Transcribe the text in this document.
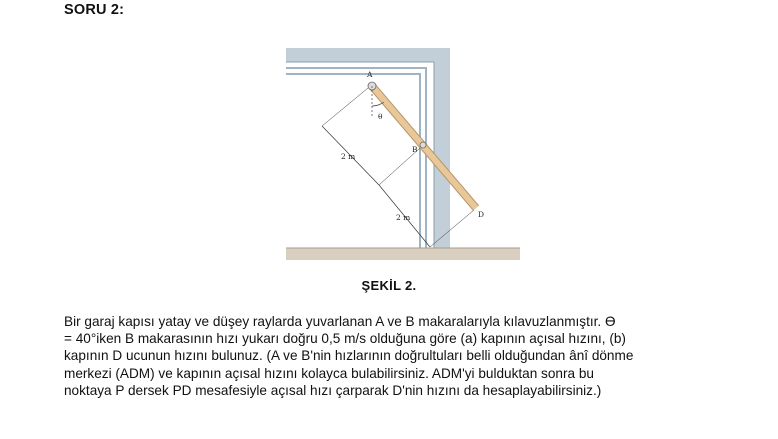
SORU 2:
A
θ
B
D
2 m
2 m
ŞEKİL 2.
Bir garaj kapısı yatay ve düşey raylarda yuvarlanan A ve B makaralarıyla kılavuzlanmıştır. Ɵ
= 40°iken B makarasının hızı yukarı doğru 0,5 m/s olduğuna göre (a) kapının açısal hızını, (b)
kapının D ucunun hızını bulunuz. (A ve B'nin hızlarının doğrultuları belli olduğundan ânî dönme
merkezi (ADM) ve kapının açısal hızını kolayca bulabilirsiniz. ADM'yi bulduktan sonra bu
noktaya P dersek PD mesafesiyle açısal hızı çarparak D'nin hızını da hesaplayabilirsiniz.)
